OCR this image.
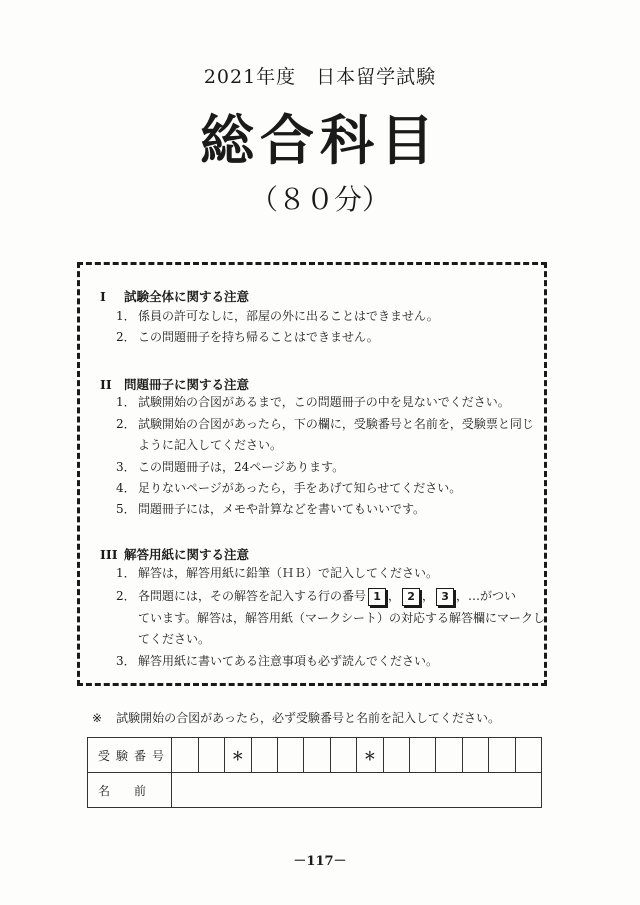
2021年度　日本留学試験
総合科目
（８０分）
I 試験全体に関する注意
1． 係員の許可なしに，部屋の外に出ることはできません。
2． この問題冊子を持ち帰ることはできません。
II 問題冊子に関する注意
1． 試験開始の合図があるまで，この問題冊子の中を見ないでください。
2． 試験開始の合図があったら，下の欄に，受験番号と名前を，受験票と同じ
ように記入してください。
3． この問題冊子は，24ページあります。
4． 足りないページがあったら，手をあげて知らせてください。
5． 問題冊子には，メモや計算などを書いてもいいです。
III 解答用紙に関する注意
1． 解答は，解答用紙に鉛筆（ＨＢ）で記入してください。
2． 各問題には，その解答を記入する行の番号 1 ， 2 ， 3 ，…がつい
ています。解答は，解答用紙（マークシート）の対応する解答欄にマークし
てください。
3． 解答用紙に書いてある注意事項も必ず読んでください。
※ 試験開始の合図があったら，必ず受験番号と名前を記入してください。
受験番号			＊					＊						
名　前														
－117－
